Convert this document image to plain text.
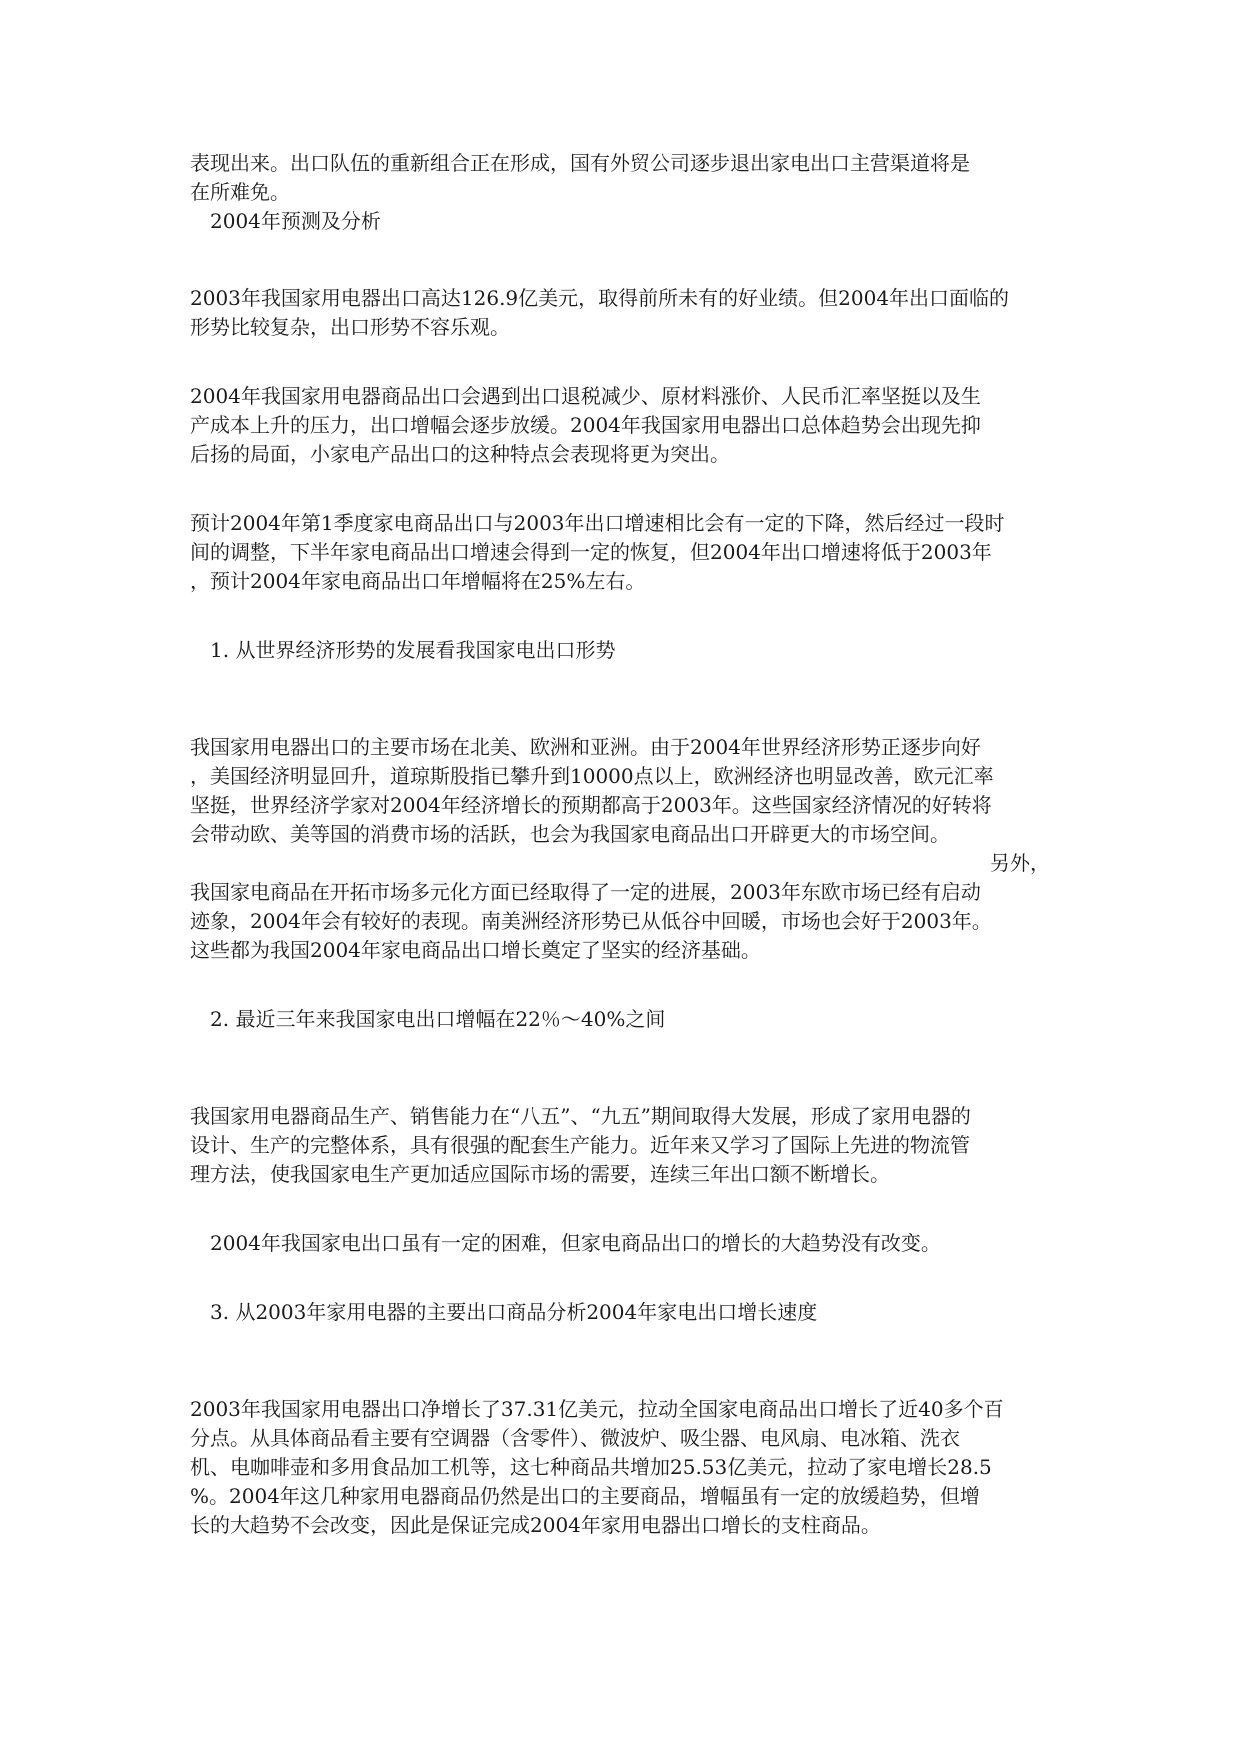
表现出来。出口队伍的重新组合正在形成，国有外贸公司逐步退出家电出口主营渠道将是
在所难免。
2004年预测及分析
2003年我国家用电器出口高达126.9亿美元，取得前所未有的好业绩。但2004年出口面临的
形势比较复杂，出口形势不容乐观。
2004年我国家用电器商品出口会遇到出口退税减少、原材料涨价、人民币汇率坚挺以及生
产成本上升的压力，出口增幅会逐步放缓。2004年我国家用电器出口总体趋势会出现先抑
后扬的局面，小家电产品出口的这种特点会表现将更为突出。
预计2004年第1季度家电商品出口与2003年出口增速相比会有一定的下降，然后经过一段时
间的调整，下半年家电商品出口增速会得到一定的恢复，但2004年出口增速将低于2003年
，预计2004年家电商品出口年增幅将在25%左右。
1. 从世界经济形势的发展看我国家电出口形势
我国家用电器出口的主要市场在北美、欧洲和亚洲。由于2004年世界经济形势正逐步向好
，美国经济明显回升，道琼斯股指已攀升到10000点以上，欧洲经济也明显改善，欧元汇率
坚挺，世界经济学家对2004年经济增长的预期都高于2003年。这些国家经济情况的好转将
会带动欧、美等国的消费市场的活跃，也会为我国家电商品出口开辟更大的市场空间。
另外，
我国家电商品在开拓市场多元化方面已经取得了一定的进展，2003年东欧市场已经有启动
迹象，2004年会有较好的表现。南美洲经济形势已从低谷中回暖，市场也会好于2003年。
这些都为我国2004年家电商品出口增长奠定了坚实的经济基础。
2. 最近三年来我国家电出口增幅在22％～40%之间
我国家用电器商品生产、销售能力在“八五”、“九五”期间取得大发展，形成了家用电器的
设计、生产的完整体系，具有很强的配套生产能力。近年来又学习了国际上先进的物流管
理方法，使我国家电生产更加适应国际市场的需要，连续三年出口额不断增长。
2004年我国家电出口虽有一定的困难，但家电商品出口的增长的大趋势没有改变。
3. 从2003年家用电器的主要出口商品分析2004年家电出口增长速度
2003年我国家用电器出口净增长了37.31亿美元，拉动全国家电商品出口增长了近40多个百
分点。从具体商品看主要有空调器（含零件）、微波炉、吸尘器、电风扇、电冰箱、洗衣
机、电咖啡壶和多用食品加工机等，这七种商品共增加25.53亿美元，拉动了家电增长28.5
%。2004年这几种家用电器商品仍然是出口的主要商品，增幅虽有一定的放缓趋势，但增
长的大趋势不会改变，因此是保证完成2004年家用电器出口增长的支柱商品。
